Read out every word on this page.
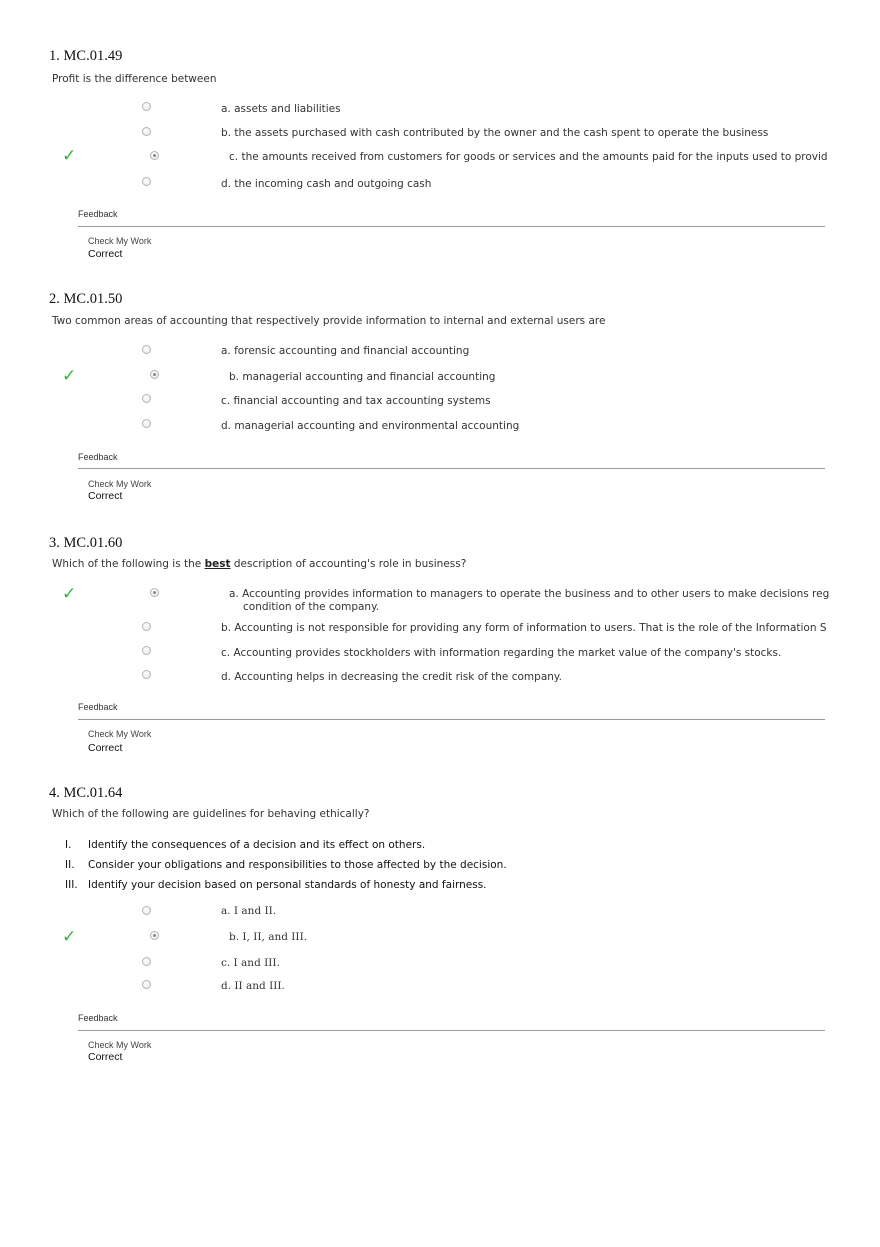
1. MC.01.49

Profit is the difference between

a. assets and liabilities
b. the assets purchased with cash contributed by the owner and the cash spent to operate the business
✓	c. the amounts received from customers for goods or services and the amounts paid for the inputs used to provid
d. the incoming cash and outgoing cash
Feedback
Check My Work
Correct
2. MC.01.50

Two common areas of accounting that respectively provide information to internal and external users are

a. forensic accounting and financial accounting
✓	b. managerial accounting and financial accounting
c. financial accounting and tax accounting systems
d. managerial accounting and environmental accounting
Feedback
Check My Work
Correct
3. MC.01.60

Which of the following is the best description of accounting's role in business?

✓	a. Accounting provides information to managers to operate the business and to other users to make decisions reg
condition of the company.
b. Accounting is not responsible for providing any form of information to users. That is the role of the Information S
c. Accounting provides stockholders with information regarding the market value of the company's stocks.
d. Accounting helps in decreasing the credit risk of the company.
Feedback
Check My Work
Correct
4. MC.01.64

Which of the following are guidelines for behaving ethically?

I. Identify the consequences of a decision and its effect on others.
II. Consider your obligations and responsibilities to those affected by the decision.
III. Identify your decision based on personal standards of honesty and fairness.
a. I and II.
✓	b. I, II, and III.
c. I and III.
d. II and III.
Feedback
Check My Work
Correct
